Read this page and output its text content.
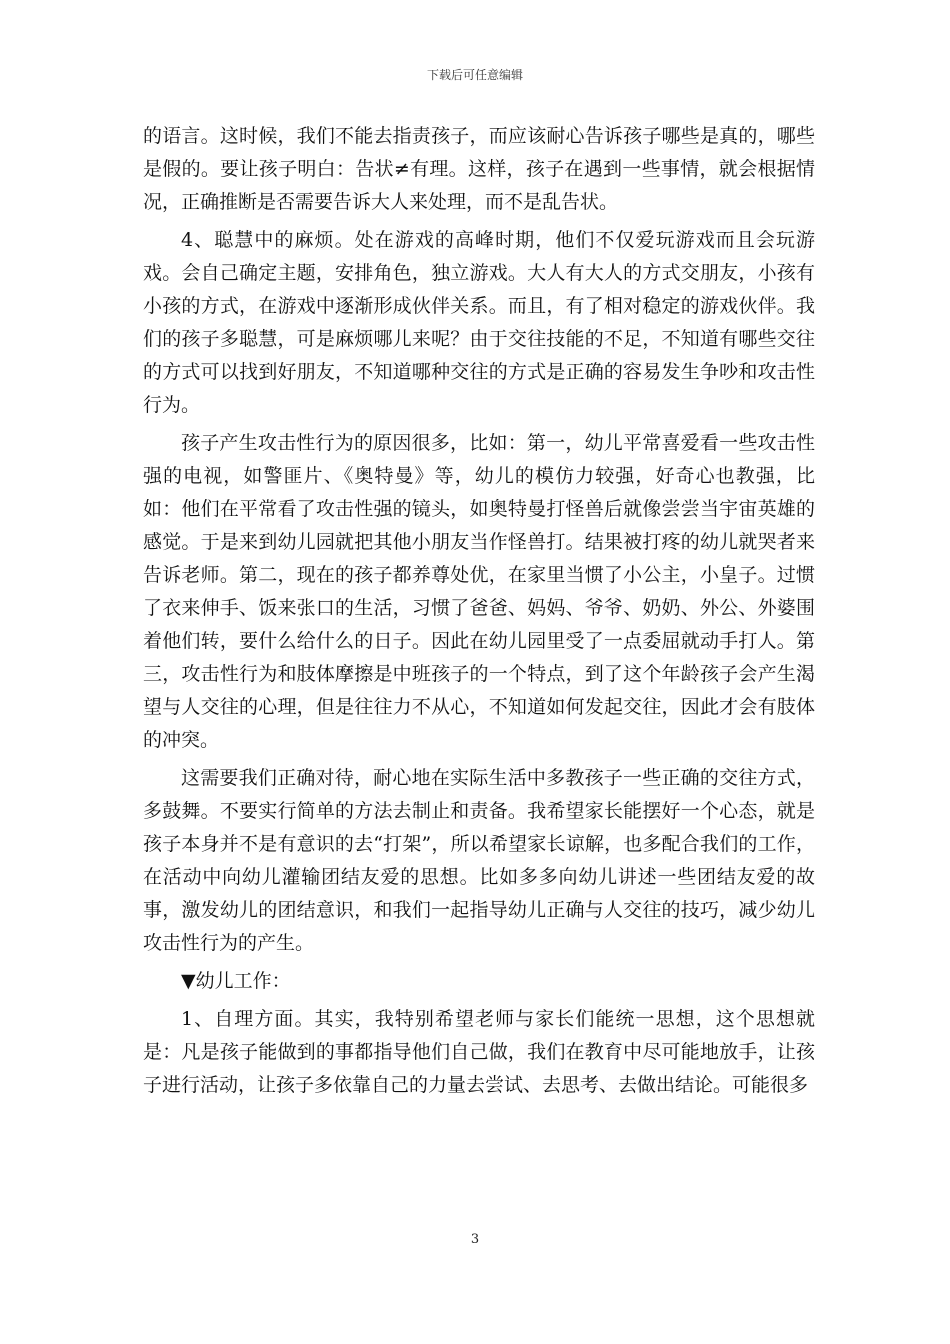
下载后可任意编辑

的语言。这时候，我们不能去指责孩子，而应该耐心告诉孩子哪些是真的，哪些是假的。要让孩子明白：告状≠有理。这样，孩子在遇到一些事情，就会根据情况，正确推断是否需要告诉大人来处理，而不是乱告状。

4、聪慧中的麻烦。处在游戏的高峰时期，他们不仅爱玩游戏而且会玩游戏。会自己确定主题，安排角色，独立游戏。大人有大人的方式交朋友，小孩有小孩的方式，在游戏中逐渐形成伙伴关系。而且，有了相对稳定的游戏伙伴。我们的孩子多聪慧，可是麻烦哪儿来呢？由于交往技能的不足，不知道有哪些交往的方式可以找到好朋友，不知道哪种交往的方式是正确的容易发生争吵和攻击性行为。

孩子产生攻击性行为的原因很多，比如：第一，幼儿平常喜爱看一些攻击性强的电视，如警匪片、《奥特曼》等，幼儿的模仿力较强，好奇心也教强，比如：他们在平常看了攻击性强的镜头，如奥特曼打怪兽后就像尝尝当宇宙英雄的感觉。于是来到幼儿园就把其他小朋友当作怪兽打。结果被打疼的幼儿就哭者来告诉老师。第二，现在的孩子都养尊处优，在家里当惯了小公主，小皇子。过惯了衣来伸手、饭来张口的生活，习惯了爸爸、妈妈、爷爷、奶奶、外公、外婆围着他们转，要什么给什么的日子。因此在幼儿园里受了一点委屈就动手打人。第三，攻击性行为和肢体摩擦是中班孩子的一个特点，到了这个年龄孩子会产生渴望与人交往的心理，但是往往力不从心，不知道如何发起交往，因此才会有肢体的冲突。

这需要我们正确对待，耐心地在实际生活中多教孩子一些正确的交往方式，多鼓舞。不要实行简单的方法去制止和责备。我希望家长能摆好一个心态，就是孩子本身并不是有意识的去“打架”，所以希望家长谅解，也多配合我们的工作，在活动中向幼儿灌输团结友爱的思想。比如多多向幼儿讲述一些团结友爱的故事，激发幼儿的团结意识，和我们一起指导幼儿正确与人交往的技巧，减少幼儿攻击性行为的产生。

▼幼儿工作：

1、自理方面。其实，我特别希望老师与家长们能统一思想，这个思想就是：凡是孩子能做到的事都指导他们自己做，我们在教育中尽可能地放手，让孩子进行活动，让孩子多依靠自己的力量去尝试、去思考、去做出结论。可能很多

3
